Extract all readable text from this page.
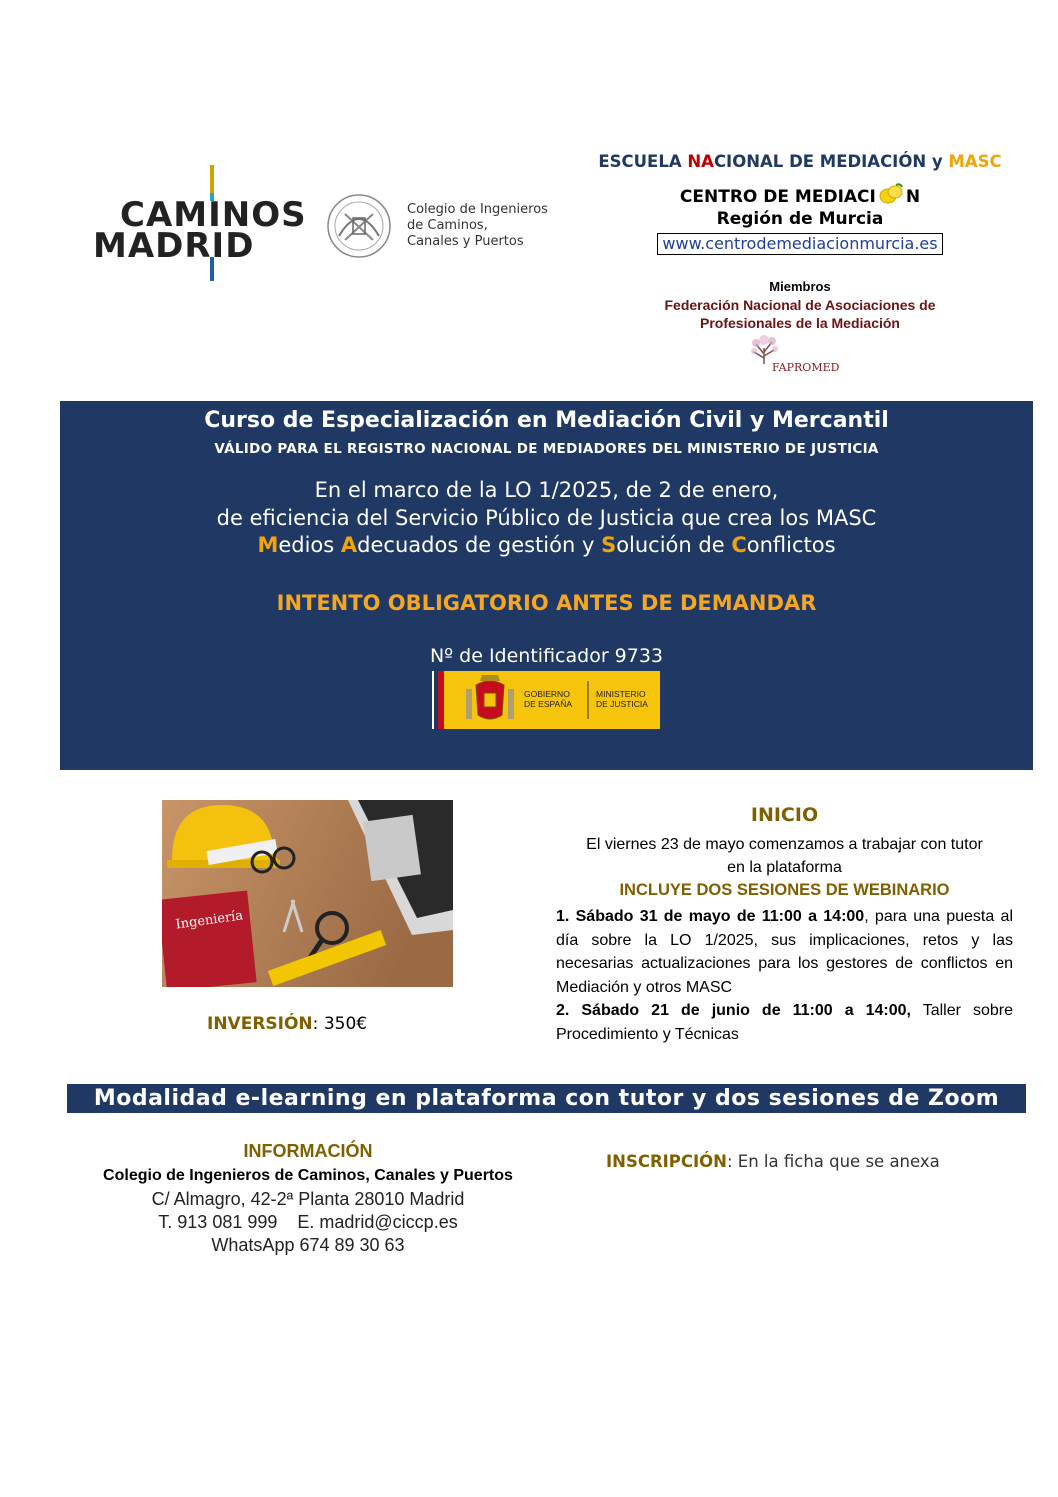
CAMINOS
MADRID
Colegio de Ingenieros
de Caminos,
Canales y Puertos
ESCUELA NACIONAL DE MEDIACIÓN y MASC
CENTRO DE MEDIACI N
Región de Murcia
www.centrodemediacionmurcia.es
Miembros
Federación Nacional de Asociaciones de
Profesionales de la Mediación
FAPROMED
Curso de Especialización en Mediación Civil y Mercantil
VÁLIDO PARA EL REGISTRO NACIONAL DE MEDIADORES DEL MINISTERIO DE JUSTICIA
En el marco de la LO 1/2025, de 2 de enero,
de eficiencia del Servicio Público de Justicia que crea los MASC
Medios Adecuados de gestión y Solución de Conflictos
INTENTO OBLIGATORIO ANTES DE DEMANDAR
Nº de Identificador 9733
GOBIERNO
DE ESPAÑA
MINISTERIO
DE JUSTICIA
Ingeniería
INVERSIÓN: 350€
INICIO
El viernes 23 de mayo comenzamos a trabajar con tutor
en la plataforma
INCLUYE DOS SESIONES DE WEBINARIO

1. Sábado 31 de mayo de 11:00 a 14:00, para una puesta al día sobre la LO 1/2025, sus implicaciones, retos y las necesarias actualizaciones para los gestores de conflictos en Mediación y otros MASC

2. Sábado 21 de junio de 11:00 a 14:00, Taller sobre Procedimiento y Técnicas

Modalidad e-learning en plataforma con tutor y dos sesiones de Zoom
INFORMACIÓN
Colegio de Ingenieros de Caminos, Canales y Puertos
C/ Almagro, 42-2ª Planta 28010 Madrid
T. 913 081 999    E. madrid@ciccp.es
WhatsApp 674 89 30 63
INSCRIPCIÓN: En la ficha que se anexa
